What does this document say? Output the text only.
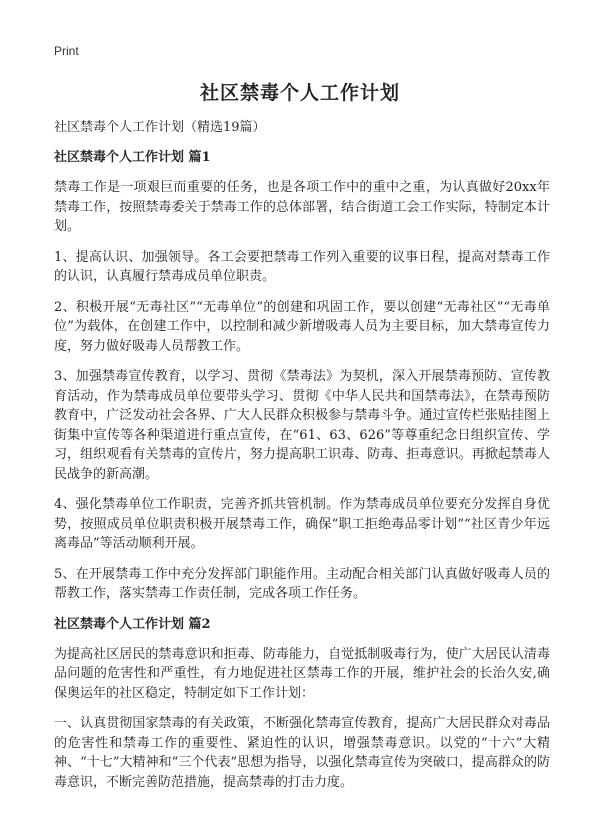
Print
社区禁毒个人工作计划

社区禁毒个人工作计划（精选19篇）

社区禁毒个人工作计划 篇1

禁毒工作是一项艰巨而重要的任务，也是各项工作中的重中之重，为认真做好20xx年禁毒工作，按照禁毒委关于禁毒工作的总体部署，结合街道工会工作实际，特制定本计划。

1、提高认识、加强领导。各工会要把禁毒工作列入重要的议事日程，提高对禁毒工作的认识，认真履行禁毒成员单位职责。

2、积极开展“无毒社区”“无毒单位”的创建和巩固工作，要以创建“无毒社区”“无毒单位”为载体，在创建工作中，以控制和减少新增吸毒人员为主要目标，加大禁毒宣传力度，努力做好吸毒人员帮教工作。

3、加强禁毒宣传教育，以学习、贯彻《禁毒法》为契机，深入开展禁毒预防、宣传教育活动，作为禁毒成员单位要带头学习、贯彻《中华人民共和国禁毒法》，在禁毒预防教育中，广泛发动社会各界、广大人民群众积极参与禁毒斗争。通过宣传栏张贴挂图上街集中宣传等各种渠道进行重点宣传，在“61、63、626”等尊重纪念日组织宣传、学习，组织观看有关禁毒的宣传片，努力提高职工识毒、防毒、拒毒意识。再掀起禁毒人民战争的新高潮。

4、强化禁毒单位工作职责，完善齐抓共管机制。作为禁毒成员单位要充分发挥自身优势，按照成员单位职责积极开展禁毒工作，确保“职工拒绝毒品零计划”“社区青少年远离毒品”等活动顺利开展。

5、在开展禁毒工作中充分发挥部门职能作用。主动配合相关部门认真做好吸毒人员的帮教工作，落实禁毒工作责任制，完成各项工作任务。

社区禁毒个人工作计划 篇2

为提高社区居民的禁毒意识和拒毒、防毒能力，自觉抵制吸毒行为，使广大居民认清毒品问题的危害性和严重性，有力地促进社区禁毒工作的开展，维护社会的长治久安,确保奥运年的社区稳定，特制定如下工作计划：

一、认真贯彻国家禁毒的有关政策，不断强化禁毒宣传教育，提高广大居民群众对毒品的危害性和禁毒工作的重要性、紧迫性的认识，增强禁毒意识。以党的“十六”大精神、“十七”大精神和“三个代表”思想为指导，以强化禁毒宣传为突破口，提高群众的防毒意识，不断完善防范措施，提高禁毒的打击力度。
